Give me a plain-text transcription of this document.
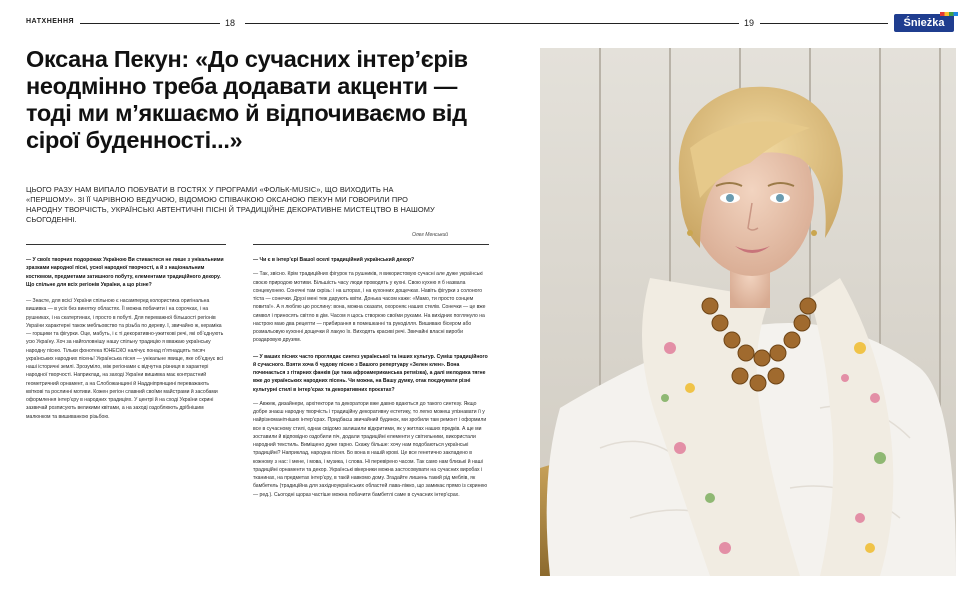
НАТХНЕННЯ	18	19	Śnieżka
Оксана Пекун: «До сучасних інтер’єрів неодмінно треба додавати акценти — тоді ми м’якшаємо й відпочиваємо від сірої буденності...»

ЦЬОГО РАЗУ НАМ ВИПАЛО ПОБУВАТИ В ГОСТЯХ У ПРОГРАМИ «ФОЛЬК-MUSIC», ЩО ВИХОДИТЬ НА «ПЕРШОМУ». ЗІ ЇЇ ЧАРІВНОЮ ВЕДУЧОЮ, ВІДОМОЮ СПІВАЧКОЮ ОКСАНОЮ ПЕКУН МИ ГОВОРИЛИ ПРО НАРОДНУ ТВОРЧІСТЬ, УКРАЇНСЬКІ АВТЕНТИЧНІ ПІСНІ Й ТРАДИЦІЙНЕ ДЕКОРАТИВНЕ МИСТЕЦТВО В НАШОМУ СЬОГОДЕННІ.

Олег Менський

— У своїх творчих подорожах Україною Ви стикаєтеся не лише з унікальними зразками народної пісні, усної народної творчості, а й з національним костюмом, предметами затишного побуту, елементами традиційного декору. Що спільне для всіх регіонів України, а що різне?

— Знаєте, для всієї України спільною є насамперед колористика оригінальна вишивка — в усіх без винятку областях. Її можна побачити і на сорочках, і на рушниках, і на скатертинах, і просто в побуті. Для переважної більшості регіонів України характерні також мебльовство та різьба по дереву. І, звичайно ж, кераміка — горщики та фігурки. Оце, мабуть, і є ті декоративно-ужиткові речі, які об’єднують усю Україну. Хоч за найголовнішу нашу спільну традицію я вважаю українську народну пісню. Тільки фонотека ЮНЕСКО налічує понад п’ятнадцять тисяч українських народних пісень! Українська пісня — унікальне явище, яке об’єднує всі наші історичні землі. Зрозуміло, між регіонами є відчутна різниця в характері народної творчості. Наприклад, на заході України вишивка має контрастний геометричний орнамент, а на Слобожанщині й Наддніпрянщині переважають квіткові та рослинні мотиви. Кожен регіон славний своїми майстрами й засобами оформлення інтер’єру в народних традиціях. У центрі й на сході України скрині зазвичай розписують великими квітами, а на заході оздоблюють дрібнішим малюнком та вишиванкою різьбою.

— Чи є в інтер’єрі Вашої оселі традиційний український декор?

— Так, звісно. Крім традиційних фігурок та рушників, я використовую сучасні але дуже українські своєю природою мотиви. Більшість часу люди проводять у кухні. Свою кухню я б назвала сонцекухнею. Сонячні там скрізь: і на шторах, і на кухонних дощечках. Навіть фігурки з солоного тіста — сонечки. Друзі мені теж дарують квіти. Донька часом каже: «Мамо, ти просто сонцем повита!». А я люблю цю рослину: вона, можна сказати, охороняє наших стелів. Сонечки — це вже символ і приносять світло в дім. Часом я щось створюю своїми руками. На вихідних поглянуло на настрою маю два рецепти — прибирання в помешканні та рукоділля. Вишиваю бісером або розмальовую кухонні дощечки й лакую їх. Виходять красиві речі. Звичайні власні вироби роздаровую друзям.

— У ваших піснях часто проглядає синтез української та інших культур. Суміш традиційного й сучасного. Взяти хоча б чудову пісню з Вашого репертуару «Зелен клен». Вона починається з гітарних фанків (це така афроамериканська ретмізка), а далі мелодика тягне вже до українських народних пісень. Чи можна, на Вашу думку, отак поєднувати різні культурні стилі в інтер’єрах та декоративних проєктах?

— Авжеж, дизайнери, архітектори та декоратори вже давно вдаються до такого синтезу. Якщо добре знаєш народну творчість і традиційну декоративну естетику, то легко можеш упізнавати її у найрізноманітніших інтер’єрах. Придбаєш звичайний будинок, ми зробили там ремонт і оформили все в сучасному стилі, однак свідомо залишили відкритими, як у житлах наших предків. А ще ми зоставили й відповідно оздобили піч, додали традиційні елементи у світильники, використали народний текстиль. Виміщено дуже гарно. Скажу більше: хочу нам подобаються українські традиційні? Наприклад, народна пісня. Бо вона в нашій крові. Це все генетично закладено в кожному з нас: і мене, і мова, і музика, і слова. Ні перевірено часом. Так само нам близькі й наші традиційні орнаменти та декор. Українські вікерники можна застосовувати на сучасних виробах і тканинах, на предметах інтер’єру, в такій навкомо дому. Згадайте лишень такий рід меблів, як бамбетель (традиційна для західноукраїнських областей лава-ліжко, що замикає прямо із скринею — ред.). Сьогодні щораз частіше можна побачити бамбетлі саме в сучасних інтер’єрах.
